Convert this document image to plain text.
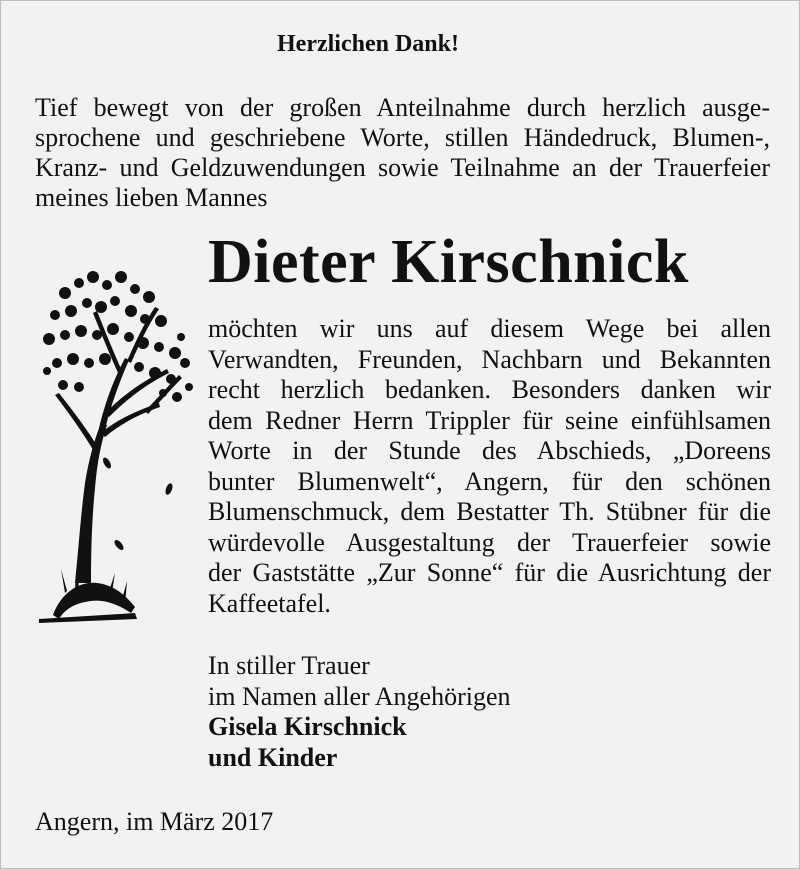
Herzlichen Dank!

Tief bewegt von der großen Anteilnahme durch herzlich ausge-
sprochene und geschriebene Worte, stillen Händedruck, Blumen-,
Kranz- und Geldzuwendungen sowie Teilnahme an der Trauerfeier
meines lieben Mannes

Dieter Kirschnick

möchten wir uns auf diesem Wege bei allen
Verwandten, Freunden, Nachbarn und Bekannten
recht herzlich bedanken. Besonders danken wir
dem Redner Herrn Trippler für seine einfühlsamen
Worte in der Stunde des Abschieds, „Doreens
bunter Blumenwelt“, Angern, für den schönen
Blumenschmuck, dem Bestatter Th. Stübner für die
würdevolle Ausgestaltung der Trauerfeier sowie
der Gaststätte „Zur Sonne“ für die Ausrichtung der
Kaffeetafel.

In stiller Trauer
im Namen aller Angehörigen
Gisela Kirschnick
und Kinder
Angern, im März 2017
